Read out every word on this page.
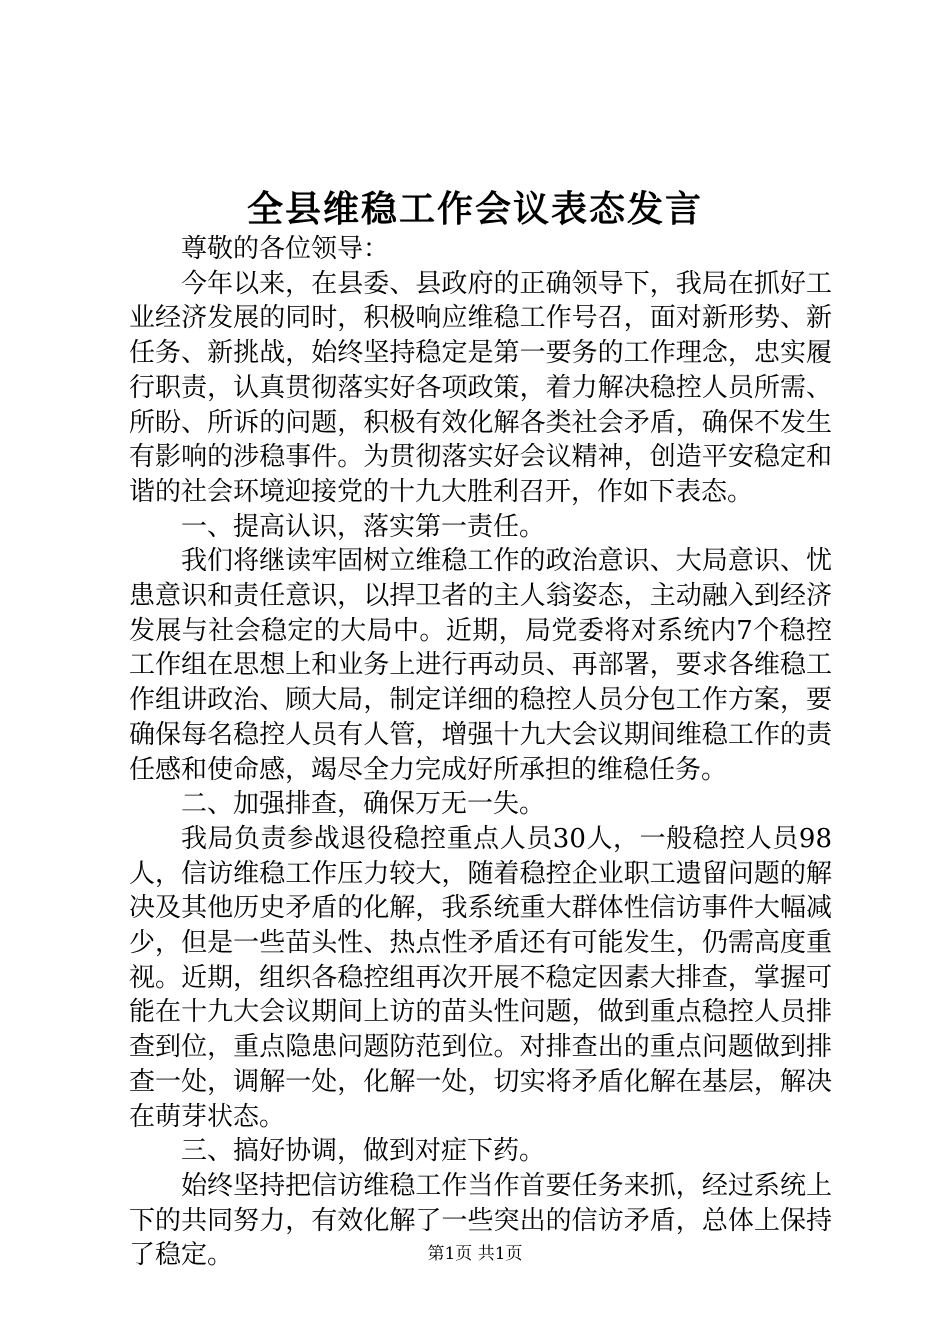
全县维稳工作会议表态发言

尊敬的各位领导：

今年以来，在县委、县政府的正确领导下，我局在抓好工业经济发展的同时，积极响应维稳工作号召，面对新形势、新任务、新挑战，始终坚持稳定是第一要务的工作理念，忠实履行职责，认真贯彻落实好各项政策，着力解决稳控人员所需、所盼、所诉的问题，积极有效化解各类社会矛盾，确保不发生有影响的涉稳事件。为贯彻落实好会议精神，创造平安稳定和谐的社会环境迎接党的十九大胜利召开，作如下表态。

一、提高认识，落实第一责任。

我们将继读牢固树立维稳工作的政治意识、大局意识、忧患意识和责任意识，以捍卫者的主人翁姿态，主动融入到经济发展与社会稳定的大局中。近期，局党委将对系统内7个稳控工作组在思想上和业务上进行再动员、再部署，要求各维稳工作组讲政治、顾大局，制定详细的稳控人员分包工作方案，要确保每名稳控人员有人管，增强十九大会议期间维稳工作的责任感和使命感，竭尽全力完成好所承担的维稳任务。

二、加强排查，确保万无一失。

我局负责参战退役稳控重点人员30人，一般稳控人员98人，信访维稳工作压力较大，随着稳控企业职工遗留问题的解决及其他历史矛盾的化解，我系统重大群体性信访事件大幅减少，但是一些苗头性、热点性矛盾还有可能发生，仍需高度重视。近期，组织各稳控组再次开展不稳定因素大排查，掌握可能在十九大会议期间上访的苗头性问题，做到重点稳控人员排查到位，重点隐患问题防范到位。对排查出的重点问题做到排查一处，调解一处，化解一处，切实将矛盾化解在基层，解决在萌芽状态。

三、搞好协调，做到对症下药。

始终坚持把信访维稳工作当作首要任务来抓，经过系统上下的共同努力，有效化解了一些突出的信访矛盾，总体上保持了稳定。	第1页 共1页
